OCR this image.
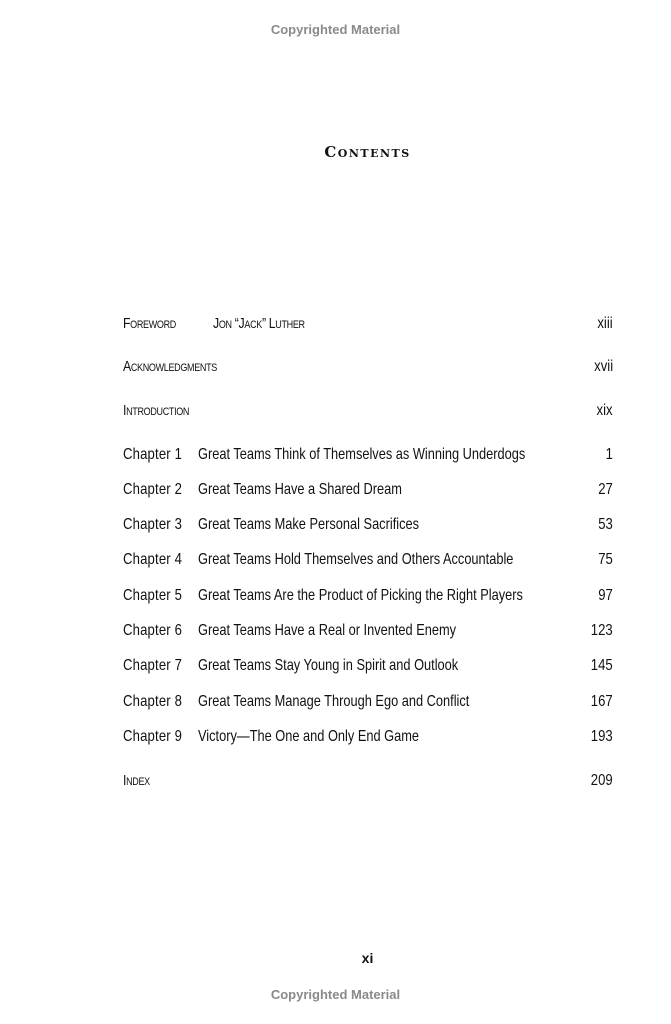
Copyrighted Material
Contents
Foreword Jon “Jack” Luther	xiii
Acknowledgments	xvii
Introduction	xix
Chapter 1 Great Teams Think of Themselves as Winning Underdogs	1
Chapter 2 Great Teams Have a Shared Dream	27
Chapter 3 Great Teams Make Personal Sacrifices	53
Chapter 4 Great Teams Hold Themselves and Others Accountable	75
Chapter 5 Great Teams Are the Product of Picking the Right Players	97
Chapter 6 Great Teams Have a Real or Invented Enemy	123
Chapter 7 Great Teams Stay Young in Spirit and Outlook	145
Chapter 8 Great Teams Manage Through Ego and Conflict	167
Chapter 9 Victory—The One and Only End Game	193
Index	209
xi
Copyrighted Material
